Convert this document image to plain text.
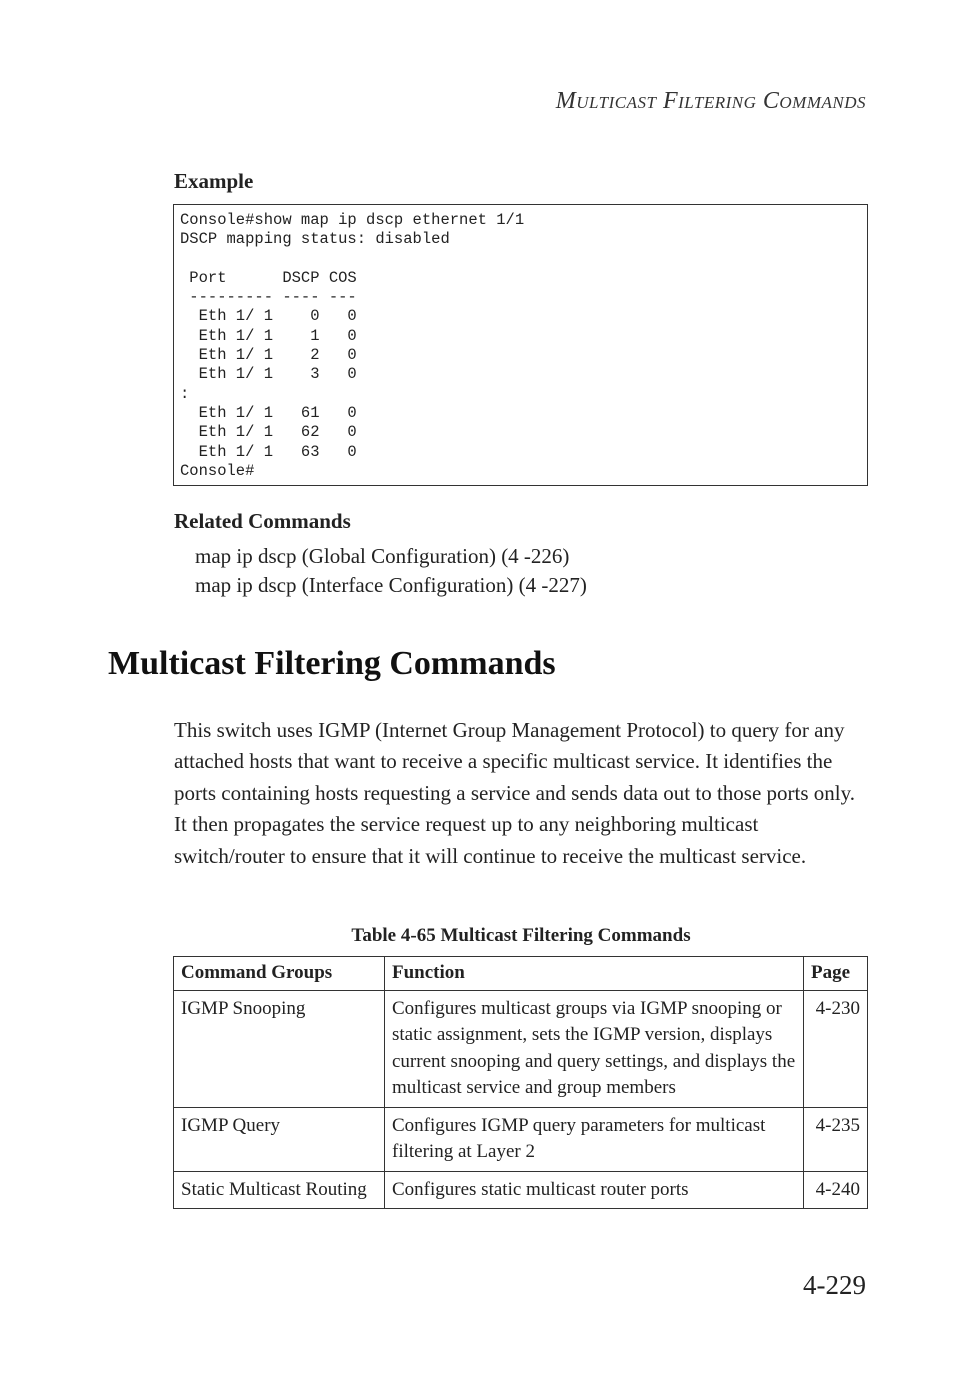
Multicast Filtering Commands
Example
Console#show map ip dscp ethernet 1/1
DSCP mapping status: disabled

Port      DSCP COS
--------- ---- ---
Eth 1/ 1    0   0
Eth 1/ 1    1   0
Eth 1/ 1    2   0
Eth 1/ 1    3   0
:
Eth 1/ 1   61   0
Eth 1/ 1   62   0
Eth 1/ 1   63   0
Console#
Related Commands
map ip dscp (Global Configuration) (4 -226)
map ip dscp (Interface Configuration) (4 -227)
Multicast Filtering Commands

This switch uses IGMP (Internet Group Management Protocol) to query for any attached hosts that want to receive a specific multicast service. It identifies the ports containing hosts requesting a service and sends data out to those ports only. It then propagates the service request up to any neighboring multicast switch/router to ensure that it will continue to receive the multicast service.

Table 4-65 Multicast Filtering Commands
Command Groups	Function	Page
IGMP Snooping	Configures multicast groups via IGMP snooping or static assignment, sets the IGMP version, displays current snooping and query settings, and displays the multicast service and group members	4-230
IGMP Query	Configures IGMP query parameters for multicast filtering at Layer 2	4-235
Static Multicast Routing	Configures static multicast router ports	4-240
4-229
